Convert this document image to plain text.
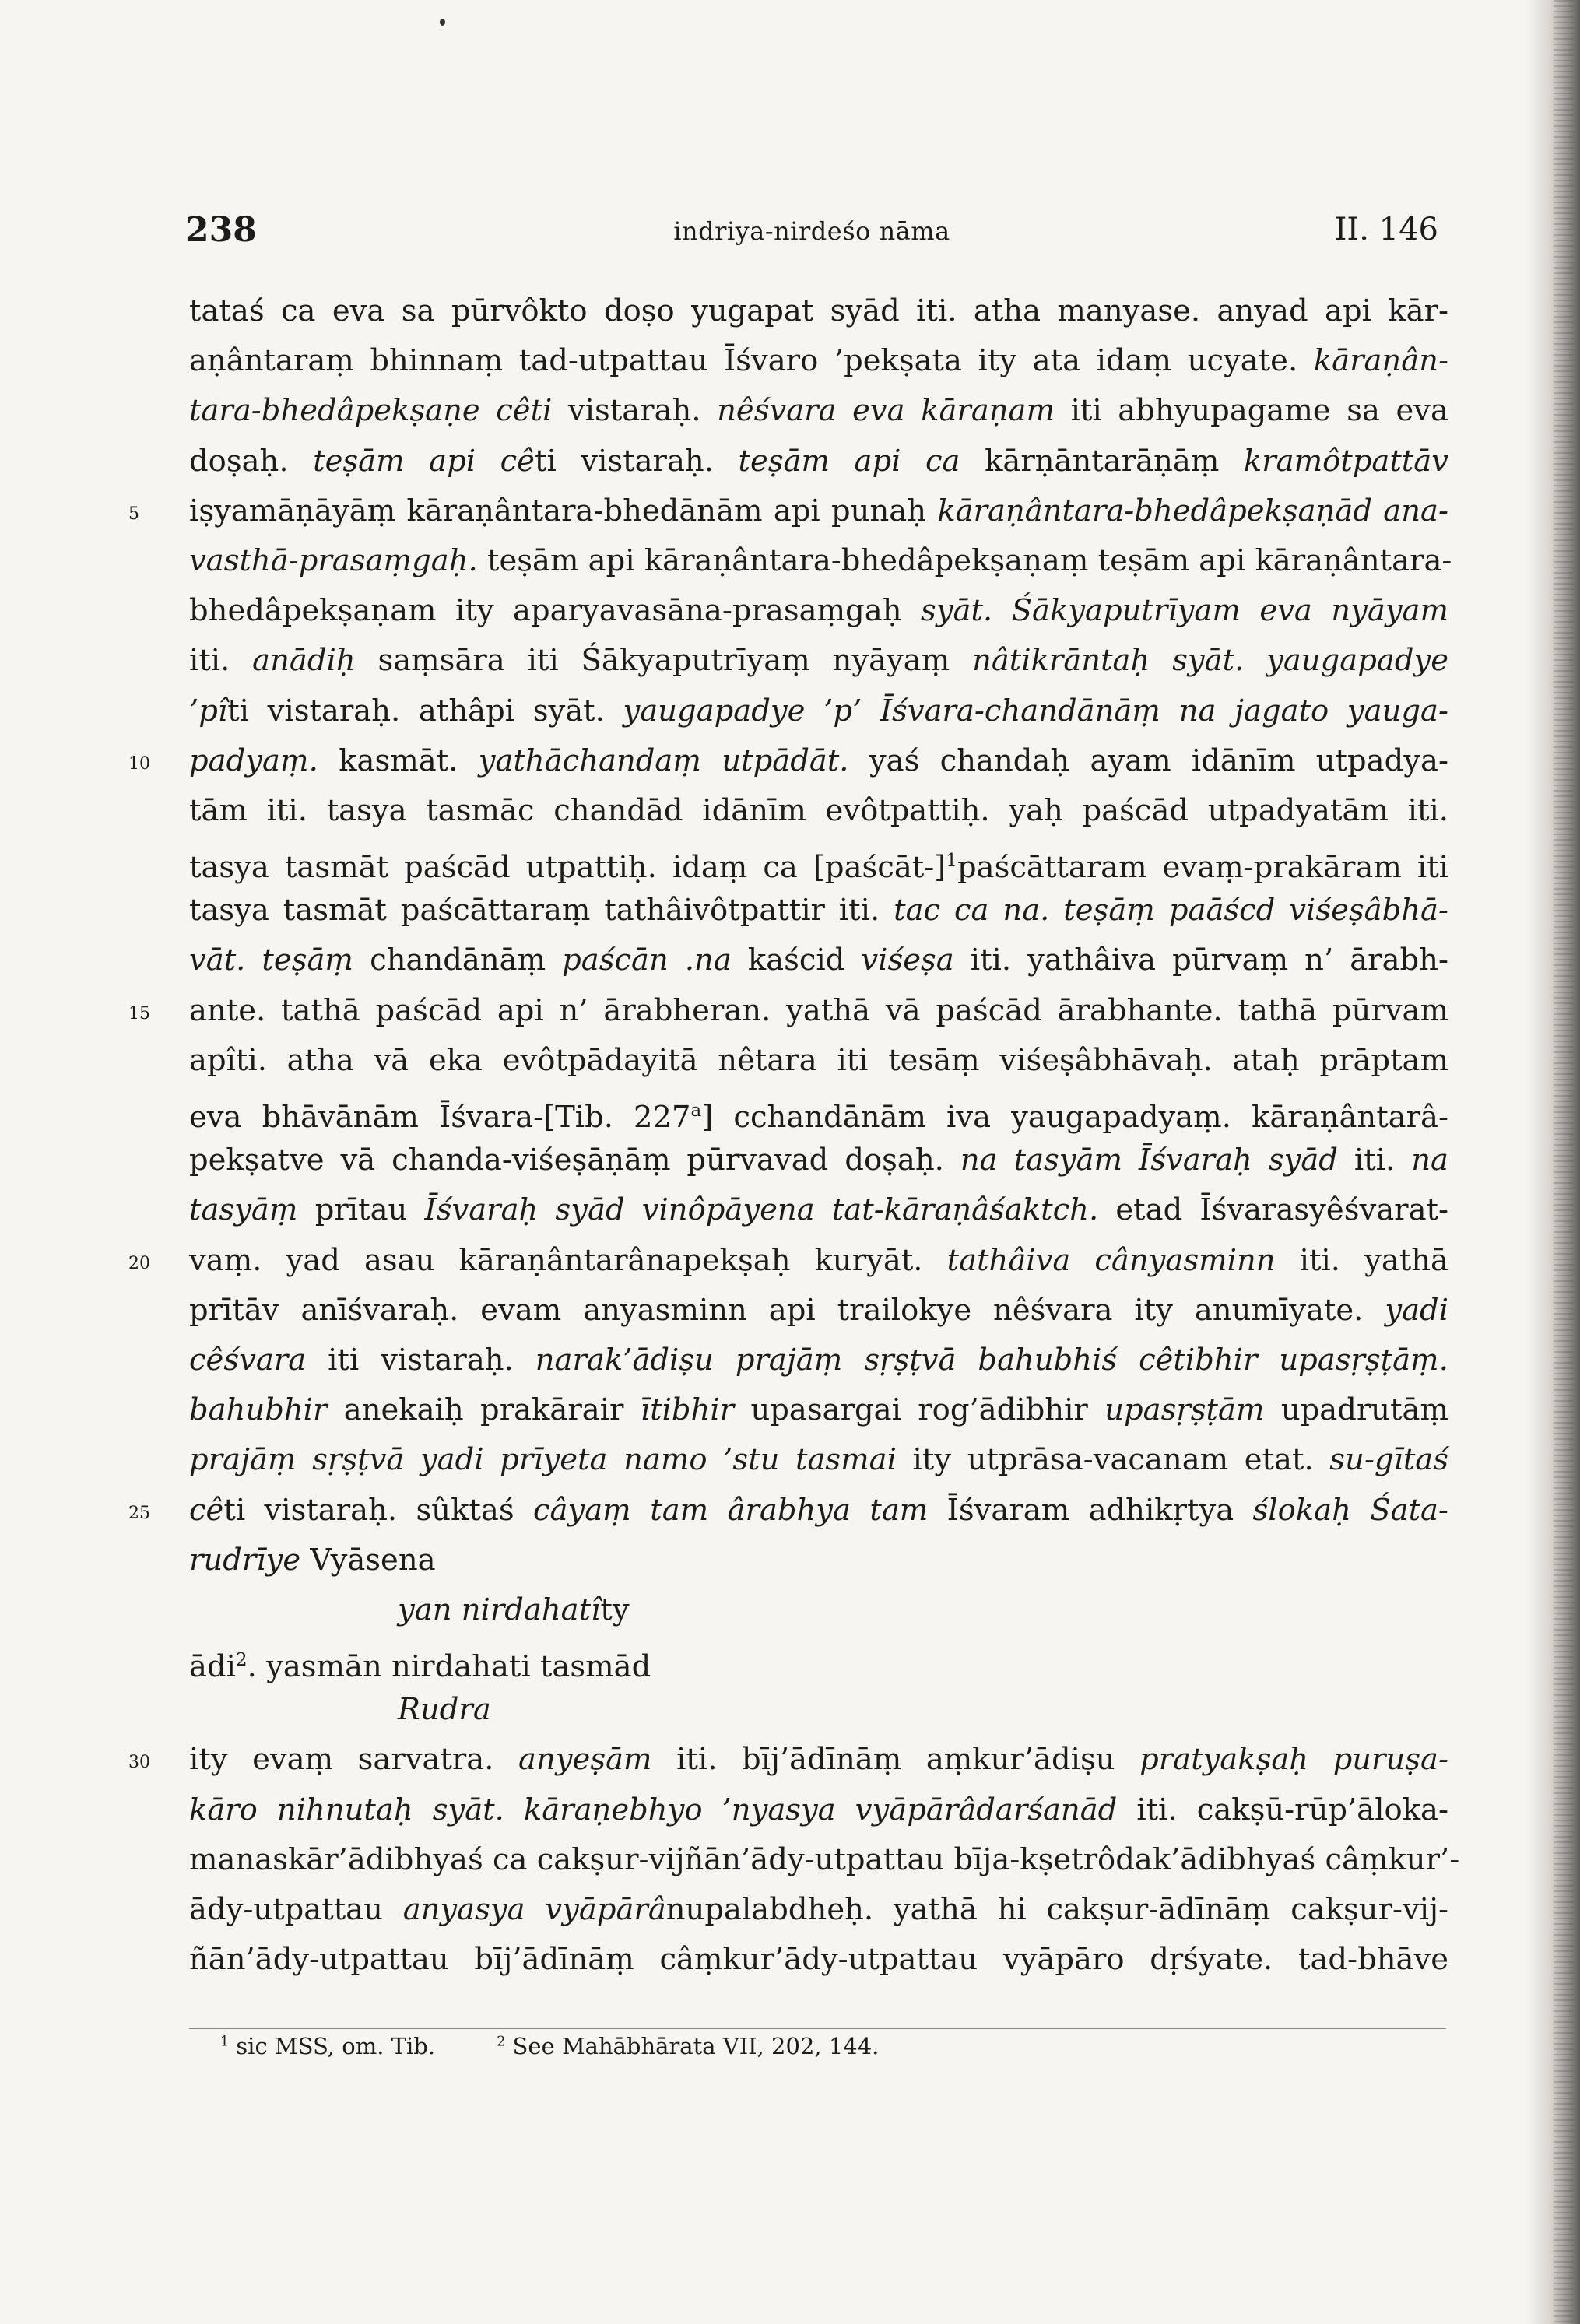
238	indriya-nirdeśo nāma	II. 146
tataś ca eva sa pūrvôkto doṣo yugapat syād iti. atha manyase. anyad api kār-
aṇântaraṃ bhinnaṃ tad-utpattau Īśvaro ’pekṣata ity ata idaṃ ucyate. kāraṇân-
tara-bhedâpekṣaṇe cêti vistaraḥ. nêśvara eva kāraṇam iti abhyupagame sa eva
doṣaḥ. teṣām api cêti vistaraḥ. teṣām api ca kārṇāntarāṇāṃ kramôtpattāv
5	iṣyamāṇāyāṃ kāraṇântara-bhedānām api punaḥ kāraṇântara-bhedâpekṣaṇād ana-
vasthā-prasaṃgaḥ. teṣām api kāraṇântara-bhedâpekṣaṇaṃ teṣām api kāraṇântara-
bhedâpekṣaṇam ity aparyavasāna-prasaṃgaḥ syāt. Śākyaputrīyam eva nyāyam
iti. anādiḥ saṃsāra iti Śākyaputrīyaṃ nyāyaṃ nâtikrāntaḥ syāt. yaugapadye
’pîti vistaraḥ. athâpi syāt. yaugapadye ’p’ Īśvara-chandānāṃ na jagato yauga-
10	padyaṃ. kasmāt. yathāchandaṃ utpādāt. yaś chandaḥ ayam idānīm utpadya-
tām iti. tasya tasmāc chandād idānīm evôtpattiḥ. yaḥ paścād utpadyatām iti.
tasya tasmāt paścād utpattiḥ. idaṃ ca [paścāt-]$^1$paścāttaram evaṃ-prakāram iti
tasya tasmāt paścāttaraṃ tathâivôtpattir iti. tac ca na. teṣāṃ paāścd viśeṣâbhā-
vāt. teṣāṃ chandānāṃ paścān .na kaścid viśeṣa iti. yathâiva pūrvaṃ n’ ārabh-
15	ante. tathā paścād api n’ ārabheran. yathā vā paścād ārabhante. tathā pūrvam
apîti. atha vā eka evôtpādayitā nêtara iti tesāṃ viśeṣâbhāvaḥ. ataḥ prāptam
eva bhāvānām Īśvara-[Tib. 227$^a$] cchandānām iva yaugapadyaṃ. kāraṇântarâ-
pekṣatve vā chanda-viśeṣāṇāṃ pūrvavad doṣaḥ. na tasyām Īśvaraḥ syād iti. na
tasyāṃ prītau Īśvaraḥ syād vinôpāyena tat-kāraṇâśaktch. etad Īśvarasyêśvarat-
20	vaṃ. yad asau kāraṇântarânapekṣaḥ kuryāt. tathâiva cânyasminn iti. yathā
prītāv anīśvaraḥ. evam anyasminn api trailokye nêśvara ity anumīyate. yadi
cêśvara iti vistaraḥ. narak’ādiṣu prajāṃ sṛṣṭvā bahubhiś cêtibhir upasṛṣṭāṃ.
bahubhir anekaiḥ prakārair ītibhir upasargai rog’ādibhir upasṛṣṭām upadrutāṃ
prajāṃ sṛṣṭvā yadi prīyeta namo ’stu tasmai ity utprāsa-vacanam etat. su-gītaś
25	cêti vistaraḥ. sûktaś câyaṃ tam ârabhya tam Īśvaram adhikṛtya ślokaḥ Śata-
rudrīye Vyāsena
yan nirdahatîty
ādi$^2$. yasmān nirdahati tasmād
Rudra
30	ity evaṃ sarvatra. anyeṣām iti. bīj’ādīnāṃ aṃkur’ādiṣu pratyakṣaḥ puruṣa-
kāro nihnutaḥ syāt. kāraṇebhyo ’nyasya vyāpārâdarśanād iti. cakṣū-rūp’āloka-
manaskār’ādibhyaś ca cakṣur-vijñān’ādy-utpattau bīja-kṣetrôdak’ādibhyaś câṃkur’-
ādy-utpattau anyasya vyāpārânupalabdheḥ. yathā hi cakṣur-ādīnāṃ cakṣur-vij-
ñān’ādy-utpattau bīj’ādīnāṃ câṃkur’ādy-utpattau vyāpāro dṛśyate. tad-bhāve
$^1$ sic MSS, om. Tib.	$^2$ See Mahābhārata VII, 202, 144.
